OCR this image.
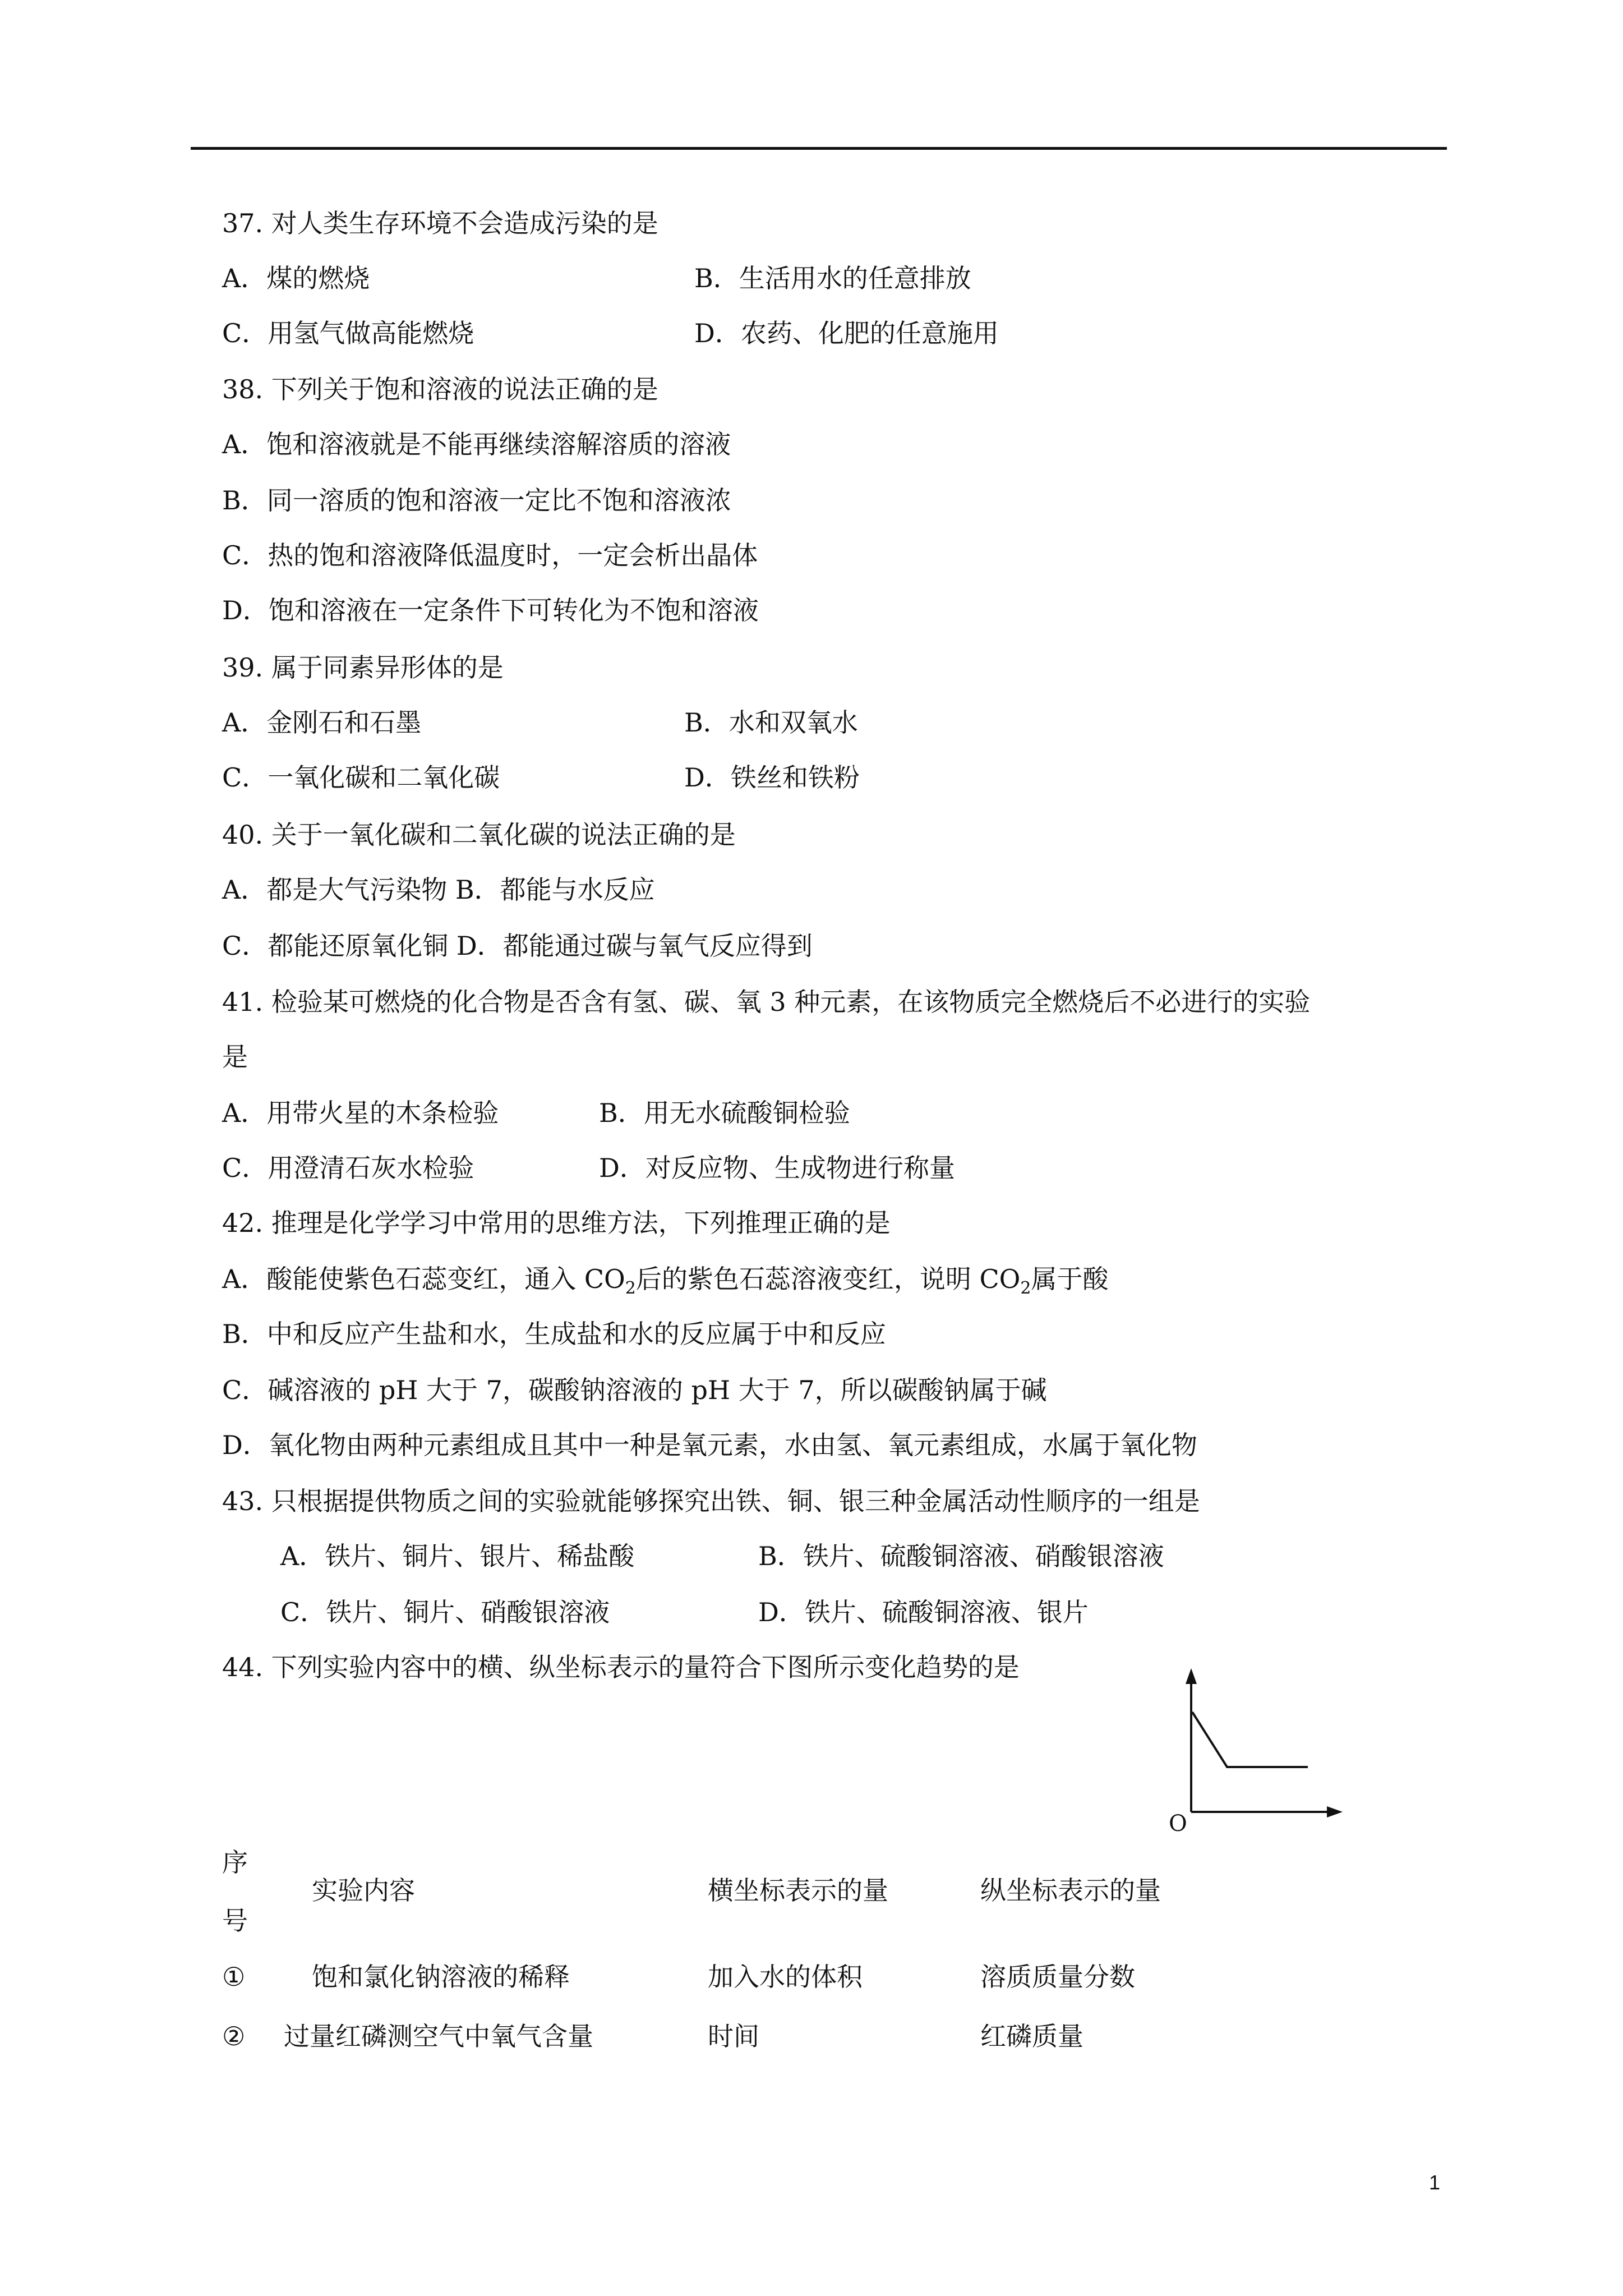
37. 对人类生存环境不会造成污染的是
A．煤的燃烧	B．生活用水的任意排放
C．用氢气做高能燃烧	D．农药、化肥的任意施用
38. 下列关于饱和溶液的说法正确的是
A．饱和溶液就是不能再继续溶解溶质的溶液
B．同一溶质的饱和溶液一定比不饱和溶液浓
C．热的饱和溶液降低温度时，一定会析出晶体
D．饱和溶液在一定条件下可转化为不饱和溶液
39. 属于同素异形体的是
A．金刚石和石墨	B．水和双氧水
C．一氧化碳和二氧化碳	D．铁丝和铁粉
40. 关于一氧化碳和二氧化碳的说法正确的是
A．都是大气污染物 B．都能与水反应
C．都能还原氧化铜 D．都能通过碳与氧气反应得到
41. 检验某可燃烧的化合物是否含有氢、碳、氧 3 种元素，在该物质完全燃烧后不必进行的实验
是
A．用带火星的木条检验	B．用无水硫酸铜检验
C．用澄清石灰水检验	D．对反应物、生成物进行称量
42. 推理是化学学习中常用的思维方法，下列推理正确的是
A．酸能使紫色石蕊变红，通入 $CO_2$后的紫色石蕊溶液变红，说明 $CO_2$属于酸
B．中和反应产生盐和水，生成盐和水的反应属于中和反应
C．碱溶液的 pH 大于 7，碳酸钠溶液的 pH 大于 7，所以碳酸钠属于碱
D．氧化物由两种元素组成且其中一种是氧元素，水由氢、氧元素组成，水属于氧化物
43. 只根据提供物质之间的实验就能够探究出铁、铜、银三种金属活动性顺序的一组是
A．铁片、铜片、银片、稀盐酸	B．铁片、硫酸铜溶液、硝酸银溶液
C．铁片、铜片、硝酸银溶液	D．铁片、硫酸铜溶液、银片
44. 下列实验内容中的横、纵坐标表示的量符合下图所示变化趋势的是
O
序
号
实验内容	横坐标表示的量	纵坐标表示的量
①	饱和氯化钠溶液的稀释	加入水的体积	溶质质量分数
② 过量红磷测空气中氧气含量	时间	红磷质量
1
